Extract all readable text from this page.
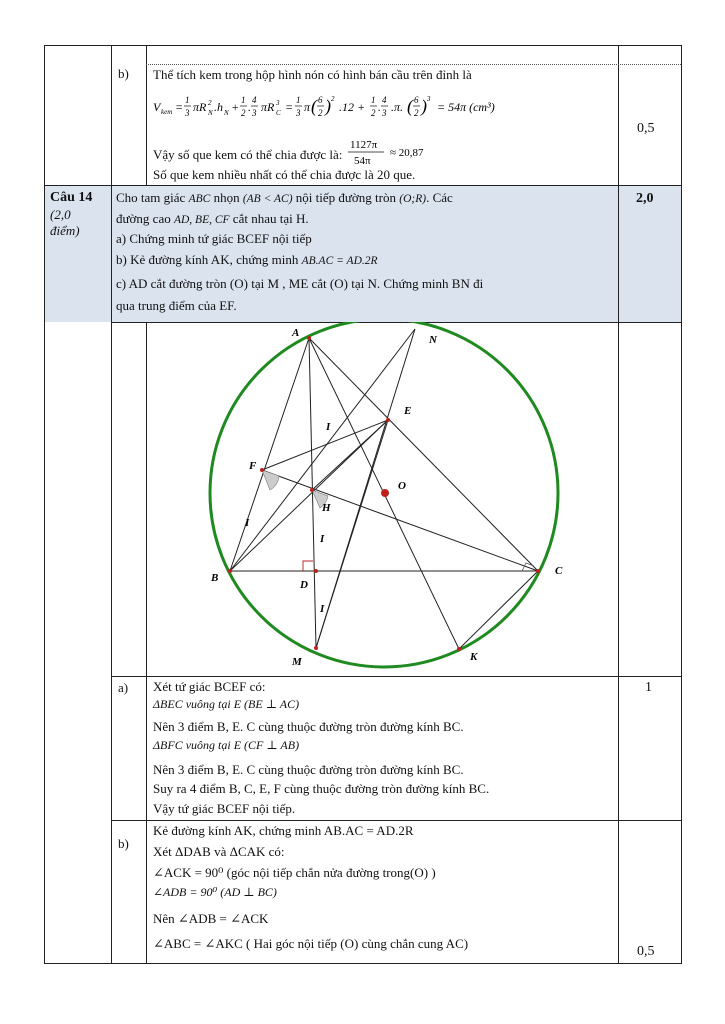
b) Thể tích kem trong hộp hình nón có hình bán cầu trên đỉnh là
V kem = 1
3 πR 2
N .h N + 1
2 . 4
3 πR 3
C = 1
3 π ( 6
2 ) 2
.12 + 1
2 . 4
3 .π. ( 6
2 ) 3
= 54π (cm³)
Vậy số que kem có thể chia được là:
1127π
54π
≈ 20,87
Số que kem nhiều nhất có thể chia được là 20 que.
0,5
Câu 14
(2,0
điểm)
Cho tam giác ABC nhọn (AB < AC) nội tiếp đường tròn (O;R). Các
đường cao AD, BE, CF cắt nhau tại H.
a) Chứng minh tứ giác BCEF nội tiếp
b) Kẻ đường kính AK, chứng minh AB.AC = AD.2R
c) AD cắt đường tròn (O) tại M , ME cắt (O) tại N. Chứng minh BN đi
qua trung điểm của EF.
2,0
A
N
E
I
O
F
H
I
I
B
D
C
I
M	K
a) Xét tứ giác BCEF có:
ΔBEC vuông tại E (BE ⊥ AC)
Nên 3 điểm B, E. C cùng thuộc đường tròn đường kính BC.
ΔBFC vuông tại E (CF ⊥ AB)
Nên 3 điểm B, E. C cùng thuộc đường tròn đường kính BC.
Suy ra 4 điểm B, C, E, F cùng thuộc đường tròn đường kính BC.
Vậy tứ giác BCEF nội tiếp.
1
b)
Kẻ đường kính AK, chứng minh AB.AC = AD.2R
Xét ΔDAB và ΔCAK có:
∠ACK = 90⁰ (góc nội tiếp chắn nửa đường trong(O) )
∠ADB = 90⁰ (AD ⊥ BC)
Nên ∠ADB = ∠ACK
∠ABC = ∠AKC ( Hai góc nội tiếp (O) cùng chắn cung AC)
0,5
